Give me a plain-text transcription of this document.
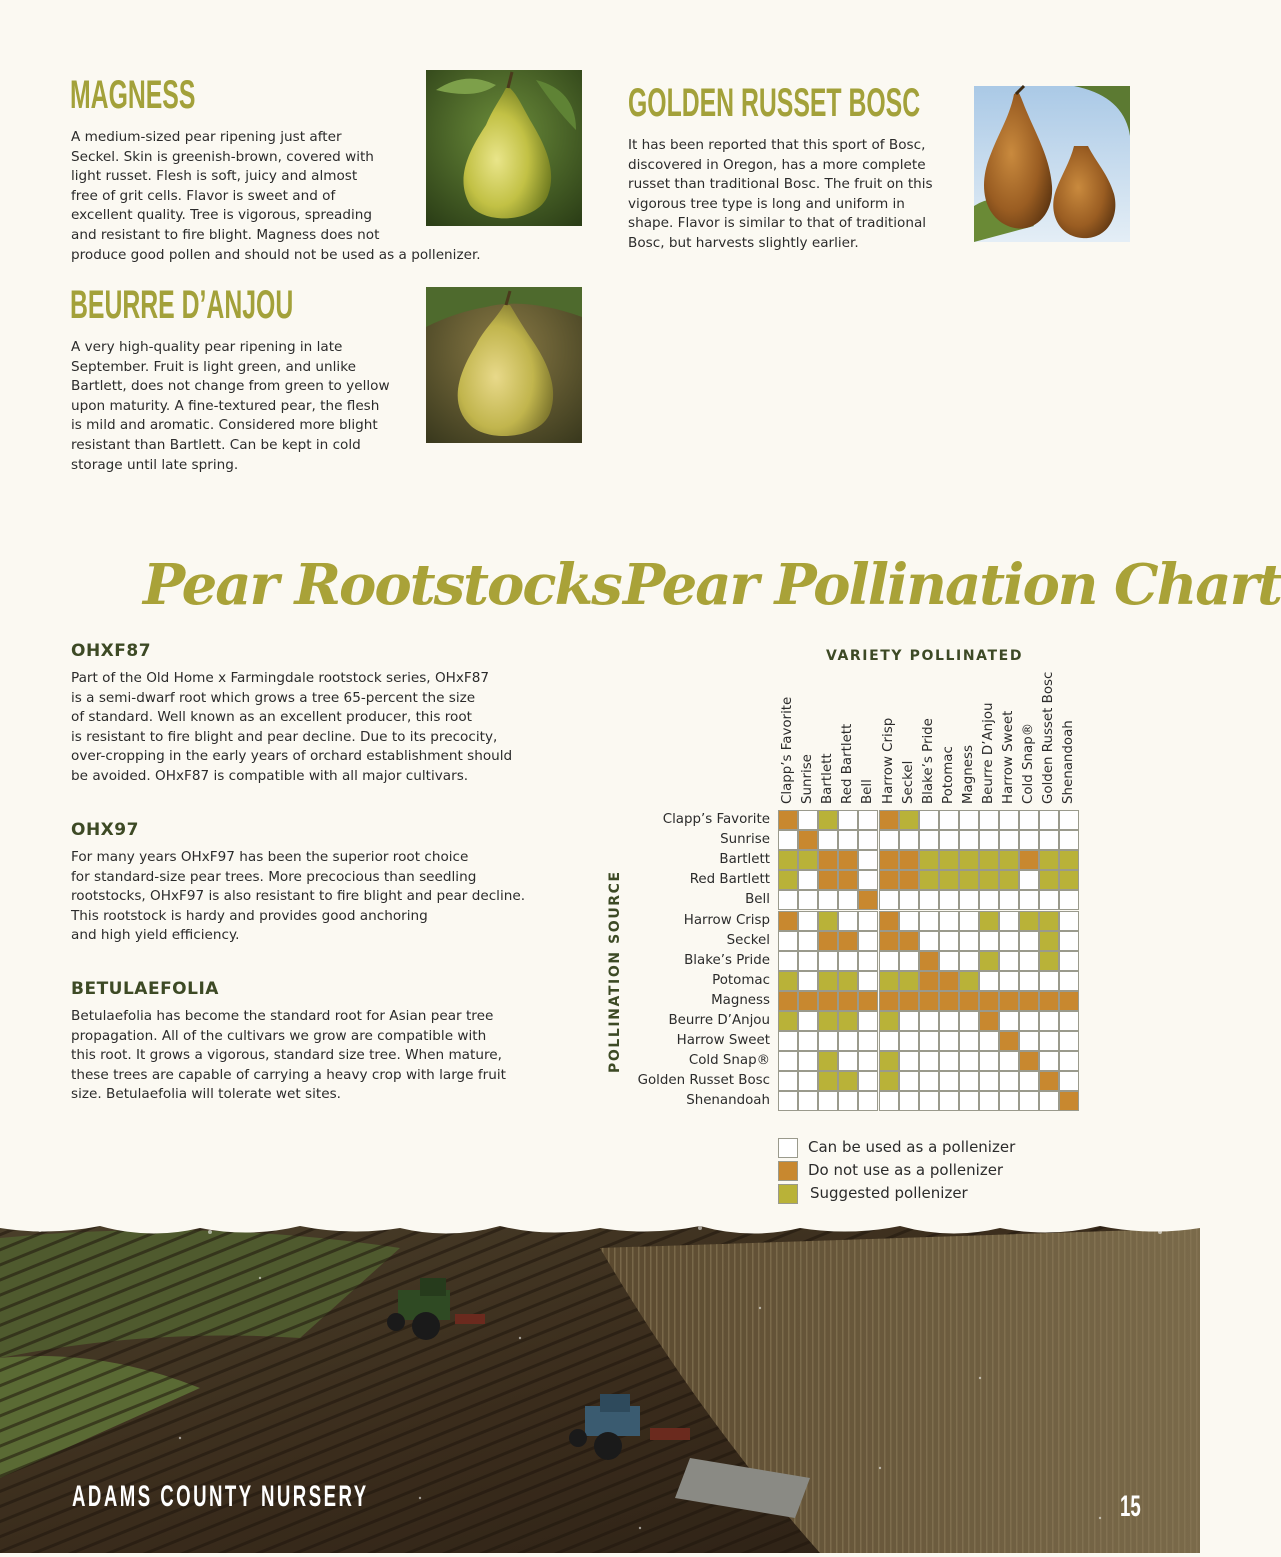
MAGNESS
A medium-sized pear ripening just after
Seckel. Skin is greenish-brown, covered with
light russet. Flesh is soft, juicy and almost
free of grit cells. Flavor is sweet and of
excellent quality. Tree is vigorous, spreading
and resistant to fire blight. Magness does not
produce good pollen and should not be used as a pollenizer.
BEURRE D’ANJOU
A very high-quality pear ripening in late
September. Fruit is light green, and unlike
Bartlett, does not change from green to yellow
upon maturity. A fine-textured pear, the flesh
is mild and aromatic. Considered more blight
resistant than Bartlett. Can be kept in cold
storage until late spring.
GOLDEN RUSSET BOSC
It has been reported that this sport of Bosc,
discovered in Oregon, has a more complete
russet than traditional Bosc. The fruit on this
vigorous tree type is long and uniform in
shape. Flavor is similar to that of traditional
Bosc, but harvests slightly earlier.
Pear Rootstocks
OHXF87
Part of the Old Home x Farmingdale rootstock series, OHxF87
is a semi-dwarf root which grows a tree 65-percent the size
of standard. Well known as an excellent producer, this root
is resistant to fire blight and pear decline. Due to its precocity,
over-cropping in the early years of orchard establishment should
be avoided. OHxF87 is compatible with all major cultivars.
OHX97
For many years OHxF97 has been the superior root choice
for standard-size pear trees. More precocious than seedling
rootstocks, OHxF97 is also resistant to fire blight and pear decline.
This rootstock is hardy and provides good anchoring
and high yield efficiency.
BETULAEFOLIA
Betulaefolia has become the standard root for Asian pear tree
propagation. All of the cultivars we grow are compatible with
this root. It grows a vigorous, standard size tree. When mature,
these trees are capable of carrying a heavy crop with large fruit
size. Betulaefolia will tolerate wet sites.
Pear Pollination Chart
VARIETY POLLINATED
POLLINATION SOURCE
Clapp’s Favorite Sunrise Bartlett Red Bartlett Bell Harrow Crisp Seckel Blake’s Pride Potomac Magness Beurre D’Anjou Harrow Sweet Cold Snap® Golden Russet Bosc Shenandoah
Clapp’s Favorite
Sunrise
Bartlett
Red Bartlett
Bell
Harrow Crisp
Seckel
Blake’s Pride
Potomac
Magness
Beurre D’Anjou
Harrow Sweet
Cold Snap®
Golden Russet Bosc
Shenandoah
Can be used as a pollenizer
Do not use as a pollenizer
Suggested pollenizer
ADAMS COUNTY NURSERY	15
